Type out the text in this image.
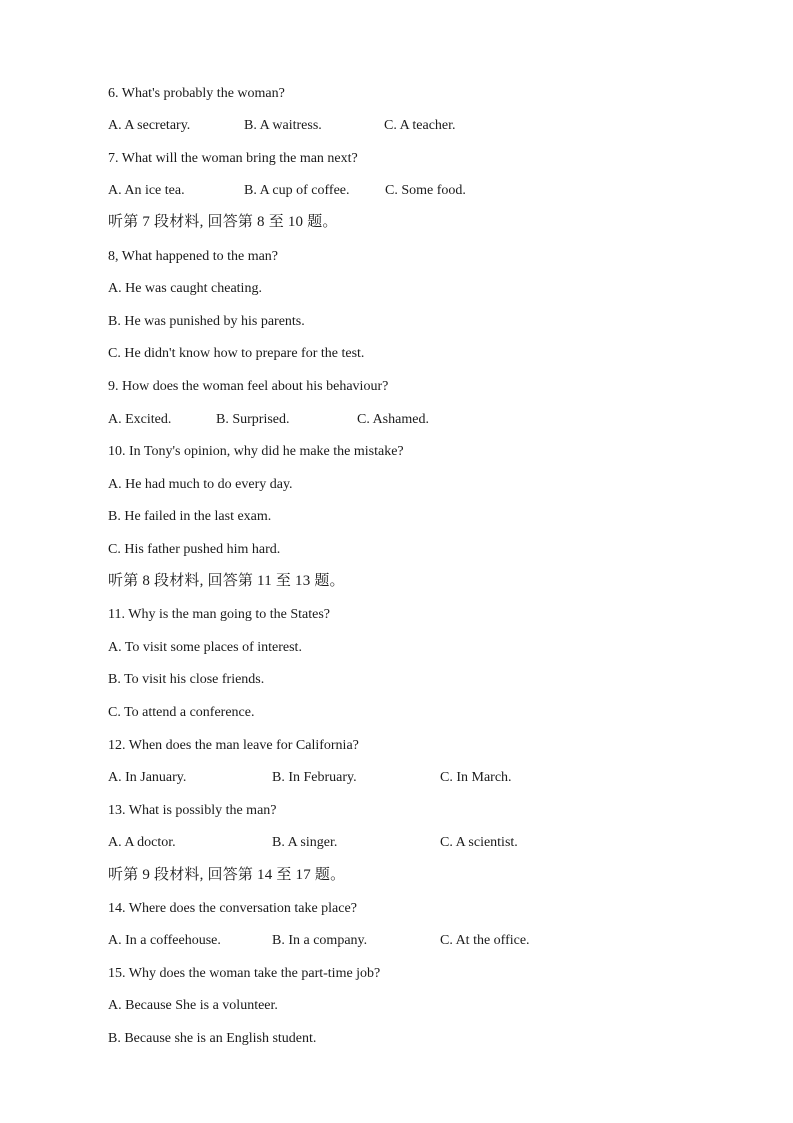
6. What's probably the woman?
A. A secretary.	B. A waitress.	C. A teacher.
7. What will the woman bring the man next?
A. An ice tea.	B. A cup of coffee.	C. Some food.
听第 7 段材料, 回答第 8 至 10 题。
8, What happened to the man?
A. He was caught cheating.
B. He was punished by his parents.
C. He didn't know how to prepare for the test.
9. How does the woman feel about his behaviour?
A. Excited.	B. Surprised.	C. Ashamed.
10. In Tony's opinion, why did he make the mistake?
A. He had much to do every day.
B. He failed in the last exam.
C. His father pushed him hard.
听第 8 段材料, 回答第 11 至 13 题。
11. Why is the man going to the States?
A. To visit some places of interest.
B. To visit his close friends.
C. To attend a conference.
12. When does the man leave for California?
A. In January.	B. In February.	C. In March.
13. What is possibly the man?
A. A doctor.	B. A singer.	C. A scientist.
听第 9 段材料, 回答第 14 至 17 题。
14. Where does the conversation take place?
A. In a coffeehouse.	B. In a company.	C. At the office.
15. Why does the woman take the part-time job?
A. Because She is a volunteer.
B. Because she is an English student.
